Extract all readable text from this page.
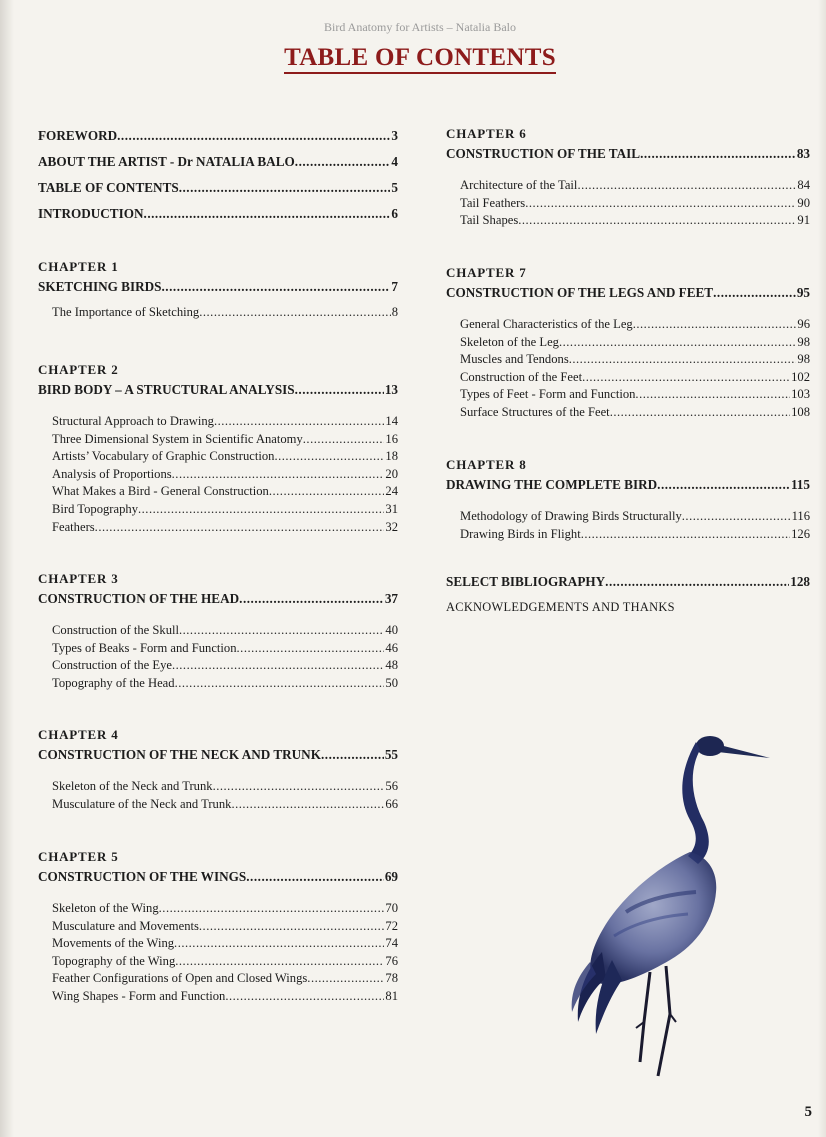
Bird Anatomy for Artists – Natalia Balo
TABLE OF CONTENTS
FOREWORD .....	3
ABOUT THE ARTIST - Dr NATALIA BALO .....	4
TABLE OF CONTENTS .....	5
INTRODUCTION .....	6
CHAPTER 1
SKETCHING BIRDS .....	7
The Importance of Sketching .....	8
CHAPTER 2
BIRD BODY – A STRUCTURAL ANALYSIS .....	13
Structural Approach to Drawing .....	14
Three Dimensional System in Scientific Anatomy .....	16
Artists’ Vocabulary of Graphic Construction .....	18
Analysis of Proportions .....	20
What Makes a Bird - General Construction .....	24
Bird Topography .....	31
Feathers .....	32
CHAPTER 3
CONSTRUCTION OF THE HEAD .....	37
Construction of the Skull .....	40
Types of Beaks - Form and Function .....	46
Construction of the Eye .....	48
Topography of the Head .....	50
CHAPTER 4
CONSTRUCTION OF THE NECK AND TRUNK .....	55
Skeleton of the Neck and Trunk .....	56
Musculature of the Neck and Trunk .....	66
CHAPTER 5
CONSTRUCTION OF THE WINGS .....	69
Skeleton of the Wing .....	70
Musculature and Movements .....	72
Movements of the Wing .....	74
Topography of the Wing .....	76
Feather Configurations of Open and Closed Wings .....	78
Wing Shapes - Form and Function .....	81
CHAPTER 6
CONSTRUCTION OF THE TAIL .....	83
Architecture of the Tail .....	84
Tail Feathers .....	90
Tail Shapes .....	91
CHAPTER 7
CONSTRUCTION OF THE LEGS AND FEET .....	95
General Characteristics of the Leg .....	96
Skeleton of the Leg .....	98
Muscles and Tendons .....	98
Construction of the Feet .....	102
Types of Feet - Form and Function .....	103
Surface Structures of the Feet .....	108
CHAPTER 8
DRAWING THE COMPLETE BIRD .....	115
Methodology of Drawing Birds Structurally .....	116
Drawing Birds in Flight .....	126
SELECT BIBLIOGRAPHY .....	128
ACKNOWLEDGEMENTS AND THANKS
5
